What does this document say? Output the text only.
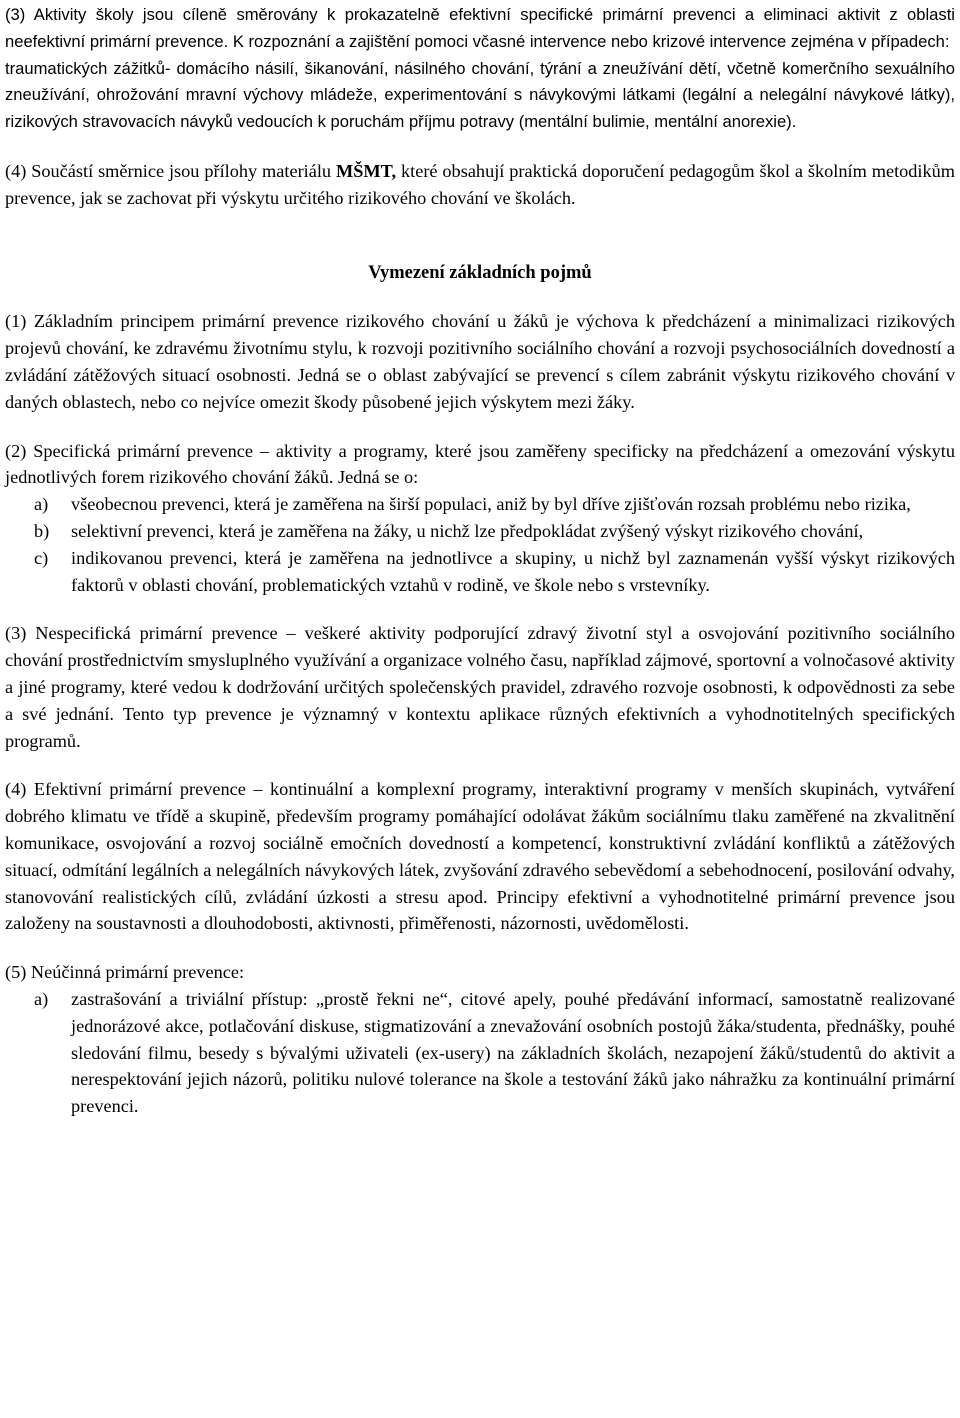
(3) Aktivity školy jsou cíleně směrovány k prokazatelně efektivní specifické primární prevenci a eliminaci aktivit z oblasti neefektivní primární prevence. K rozpoznání a zajištění pomoci včasné intervence nebo krizové intervence zejména v případech:

traumatických zážitků- domácího násilí, šikanování, násilného chování, týrání a zneužívání dětí, včetně komerčního sexuálního zneužívání, ohrožování mravní výchovy mládeže, experimentování s návykovými látkami (legální a nelegální návykové látky), rizikových stravovacích návyků vedoucích k poruchám příjmu potravy (mentální bulimie, mentální anorexie).

(4) Součástí směrnice jsou přílohy materiálu MŠMT, které obsahují praktická doporučení pedagogům škol a školním metodikům prevence, jak se zachovat při výskytu určitého rizikového chování ve školách.

Vymezení základních pojmů

(1) Základním principem primární prevence rizikového chování u žáků je výchova k předcházení a minimalizaci rizikových projevů chování, ke zdravému životnímu stylu, k rozvoji pozitivního sociálního chování a rozvoji psychosociálních dovedností a zvládání zátěžových situací osobnosti. Jedná se o oblast zabývající se prevencí s cílem zabránit výskytu rizikového chování v daných oblastech, nebo co nejvíce omezit škody působené jejich výskytem mezi žáky.

(2) Specifická primární prevence – aktivity a programy, které jsou zaměřeny specificky na předcházení a omezování výskytu jednotlivých forem rizikového chování žáků. Jedná se o:

a)	všeobecnou prevenci, která je zaměřena na širší populaci, aniž by byl dříve zjišťován rozsah problému nebo rizika,
b)	selektivní prevenci, která je zaměřena na žáky, u nichž lze předpokládat zvýšený výskyt rizikového chování,
c)	indikovanou prevenci, která je zaměřena na jednotlivce a skupiny, u nichž byl zaznamenán vyšší výskyt rizikových faktorů v oblasti chování, problematických vztahů v rodině, ve škole nebo s vrstevníky.

(3) Nespecifická primární prevence – veškeré aktivity podporující zdravý životní styl a osvojování pozitivního sociálního chování prostřednictvím smysluplného využívání a organizace volného času, například zájmové, sportovní a volnočasové aktivity a jiné programy, které vedou k dodržování určitých společenských pravidel, zdravého rozvoje osobnosti, k odpovědnosti za sebe a své jednání. Tento typ prevence je významný v kontextu aplikace různých efektivních a vyhodnotitelných specifických programů.

(4) Efektivní primární prevence – kontinuální a komplexní programy, interaktivní programy v menších skupinách, vytváření dobrého klimatu ve třídě a skupině, především programy pomáhající odolávat žákům sociálnímu tlaku zaměřené na zkvalitnění komunikace, osvojování a rozvoj sociálně emočních dovedností a kompetencí, konstruktivní zvládání konfliktů a zátěžových situací, odmítání legálních a nelegálních návykových látek, zvyšování zdravého sebevědomí a sebehodnocení, posilování odvahy, stanovování realistických cílů, zvládání úzkosti a stresu apod. Principy efektivní a vyhodnotitelné primární prevence jsou založeny na soustavnosti a dlouhodobosti, aktivnosti, přiměřenosti, názornosti, uvědomělosti.

(5) Neúčinná primární prevence:

a)	zastrašování a triviální přístup: „prostě řekni ne“, citové apely, pouhé předávání informací, samostatně realizované jednorázové akce, potlačování diskuse, stigmatizování a znevažování osobních postojů žáka/studenta, přednášky, pouhé sledování filmu, besedy s bývalými uživateli (ex-usery) na základních školách, nezapojení žáků/studentů do aktivit a nerespektování jejich názorů, politiku nulové tolerance na škole a testování žáků jako náhražku za kontinuální primární prevenci.
